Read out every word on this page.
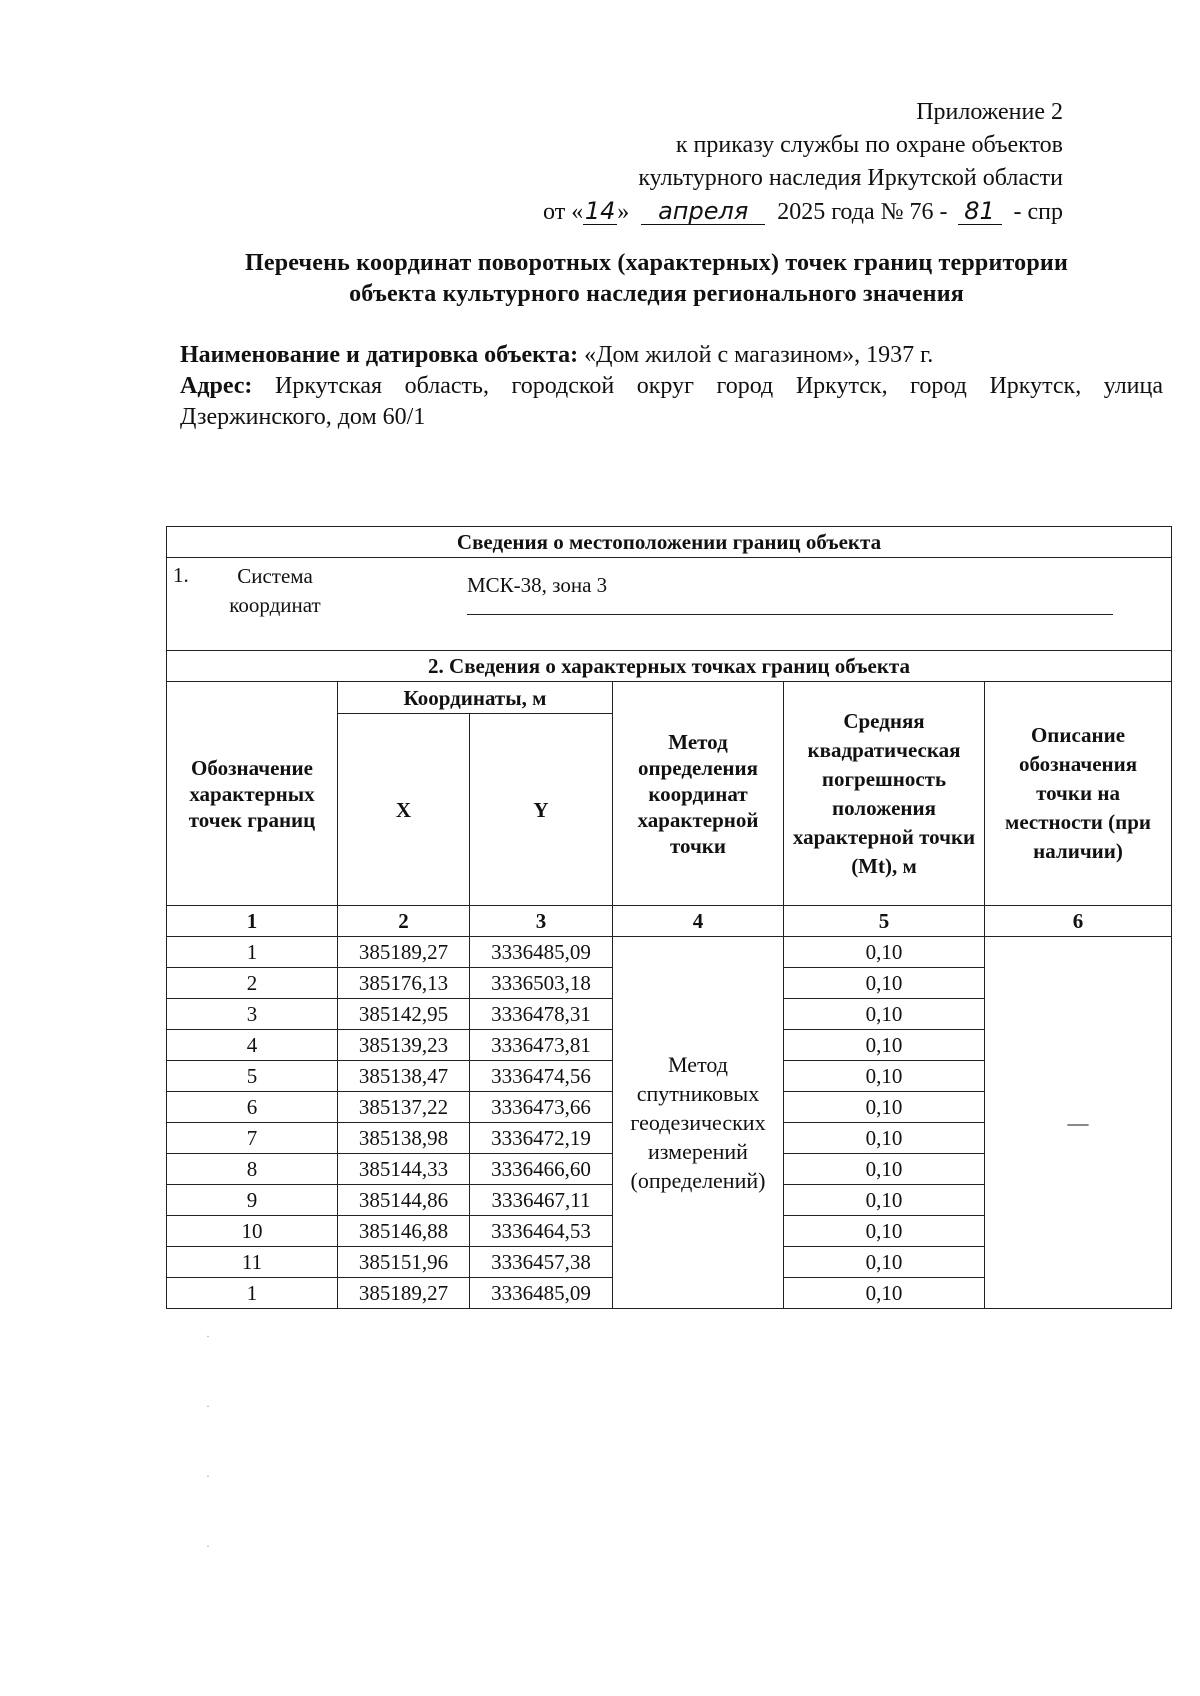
Приложение 2
к приказу службы по охране объектов
культурного наследия Иркутской области
от «14» апреля 2025 года № 76 - 81 - спр
Перечень координат поворотных (характерных) точек границ территории
объекта культурного наследия регионального значения
Наименование и датировка объекта: «Дом жилой с магазином», 1937 г.
Адрес: Иркутская область, городской округ город Иркутск, город Иркутск, улица Дзержинского, дом 60/1
Сведения о местоположении границ объекта					

1. Система координат
МСК-38, зона 3					

2. Сведения о характерных точках границ объекта					
Обозначение характерных точек границ	Координаты, м		Метод определения координат характерной точки	Средняя квадратическая погрешность положения характерной точки (Mt), м	Описание обозначения точки на местности (при наличии)
	X	Y			
1	2	3	4	5	6
1	385189,27	3336485,09	Метод спутниковых геодезических измерений (определений)	0,10	—
2	385176,13	3336503,18		0,10	
3	385142,95	3336478,31		0,10	
4	385139,23	3336473,81		0,10	
5	385138,47	3336474,56		0,10	
6	385137,22	3336473,66		0,10	
7	385138,98	3336472,19		0,10	
8	385144,33	3336466,60		0,10	
9	385144,86	3336467,11		0,10	
10	385146,88	3336464,53		0,10	
11	385151,96	3336457,38		0,10	
1	385189,27	3336485,09		0,10	
·
·
·
·
